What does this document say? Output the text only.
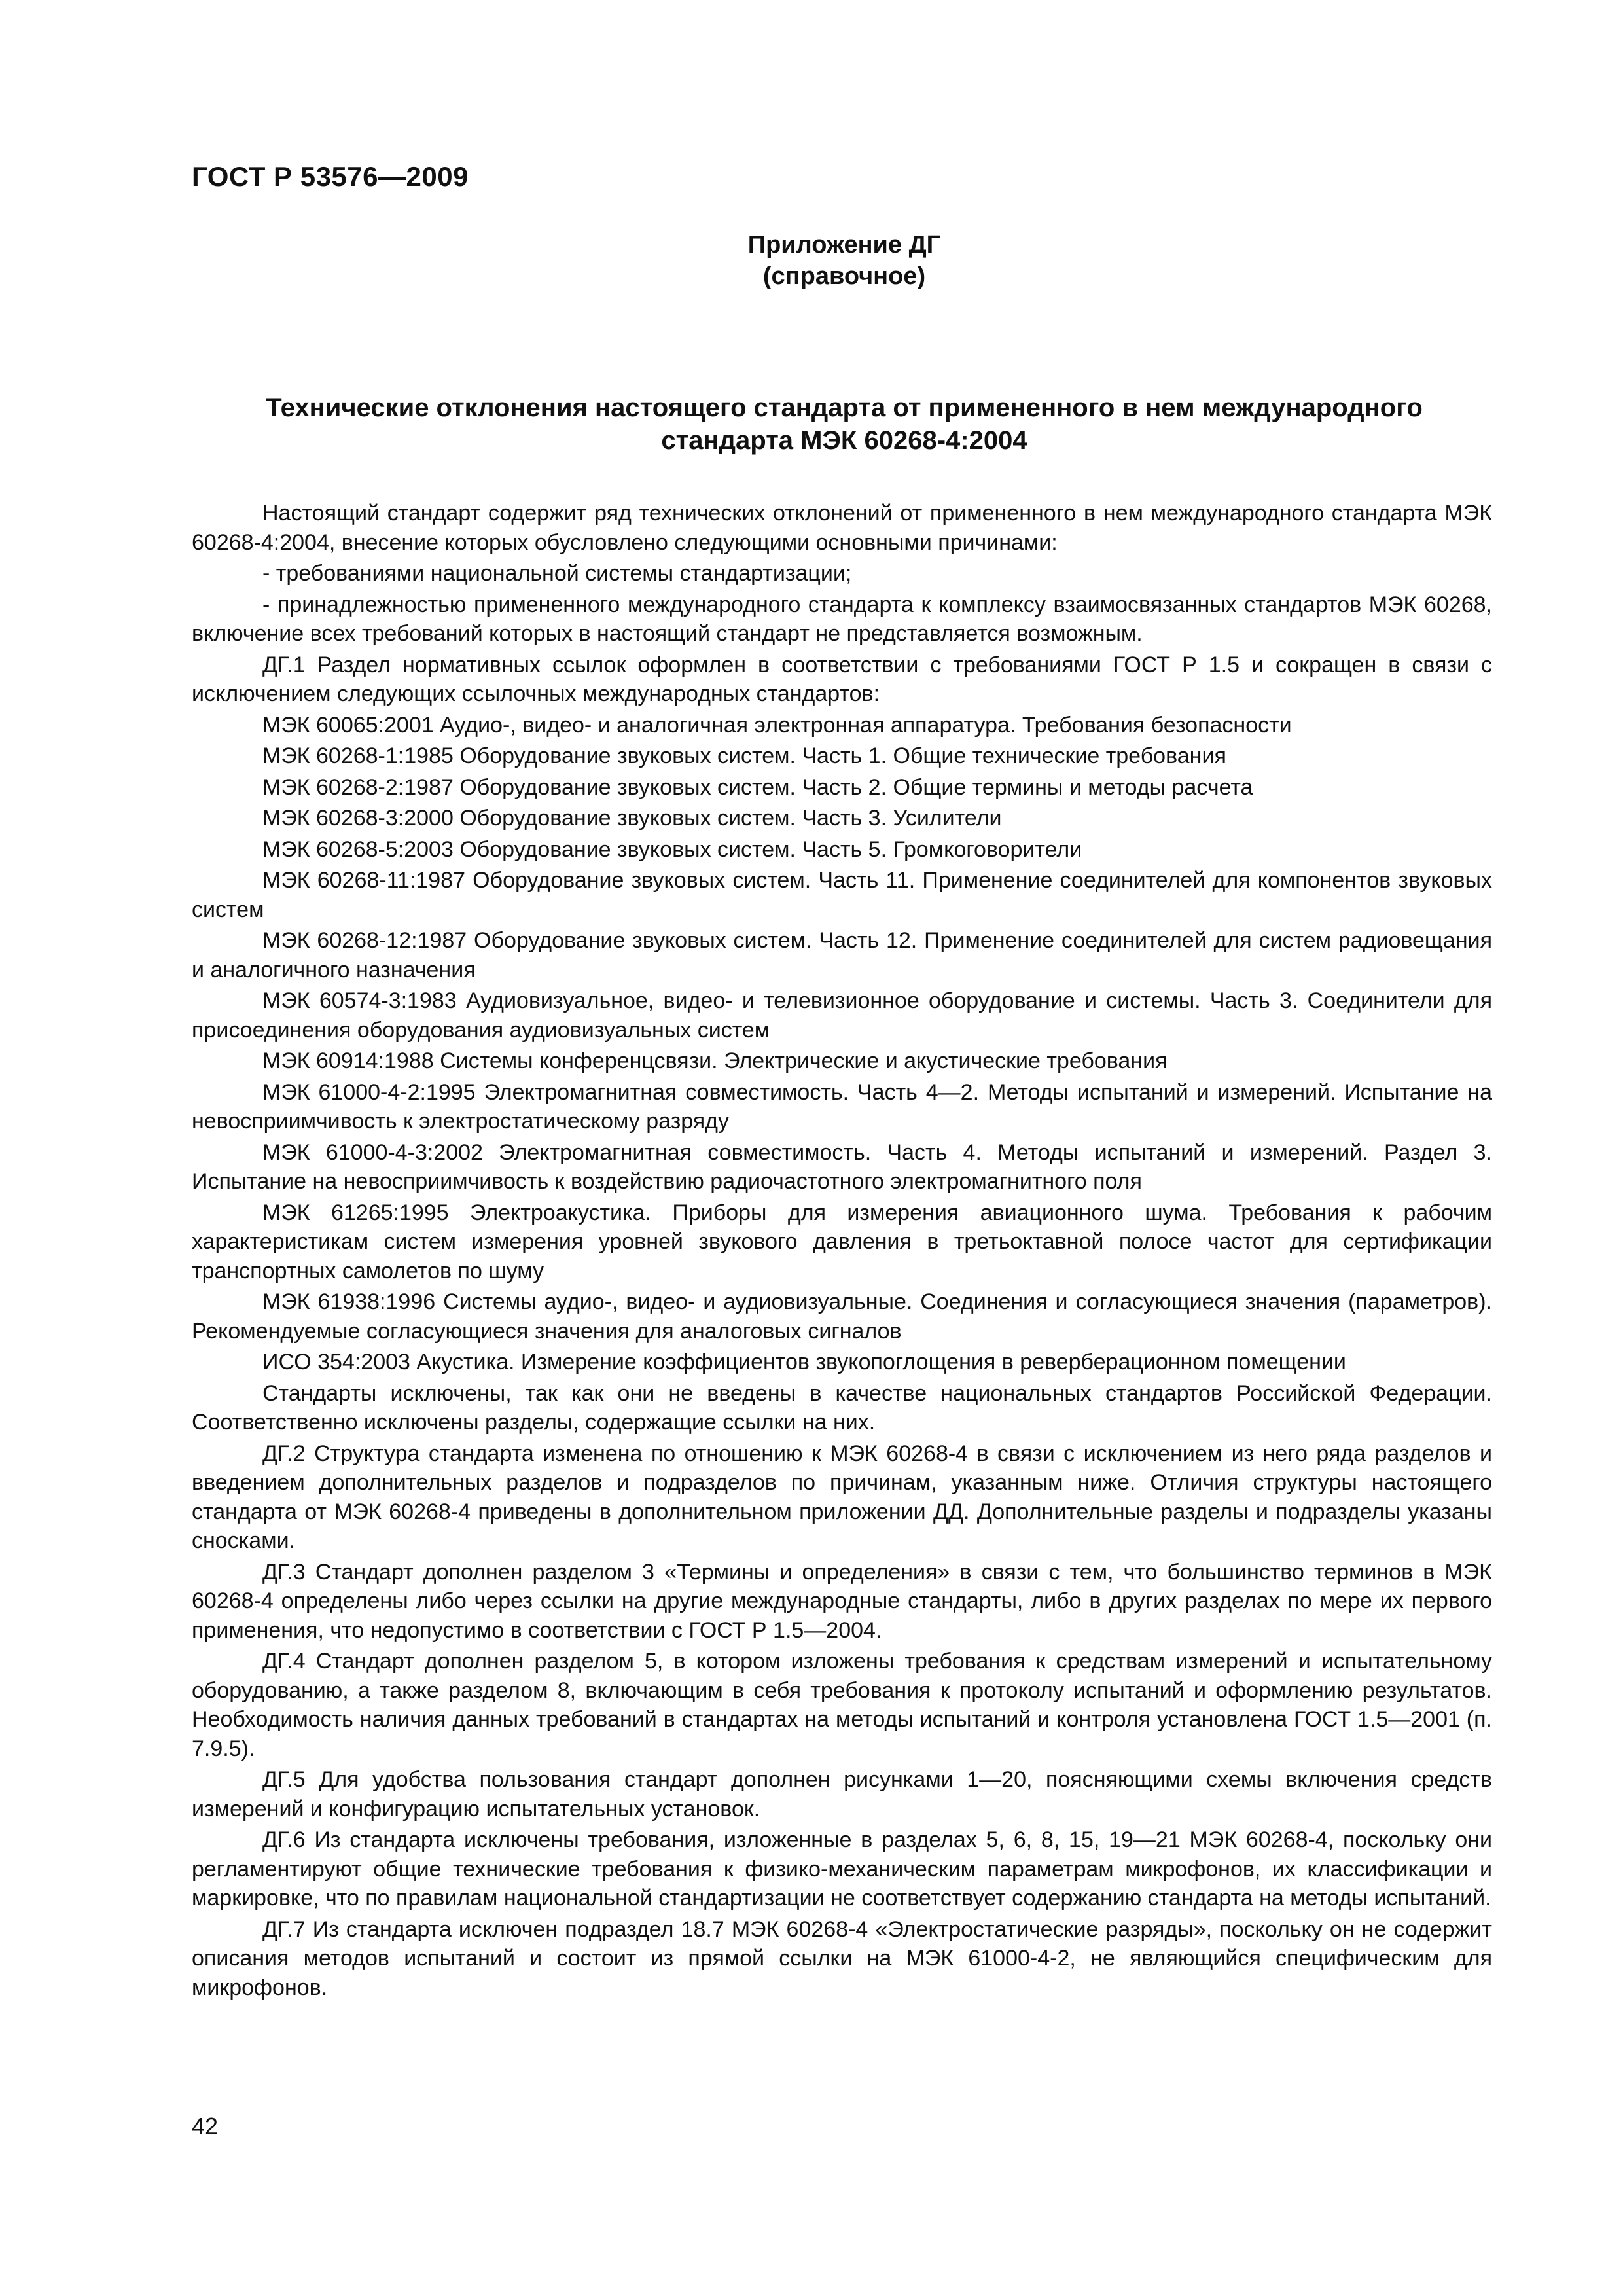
ГОСТ Р 53576—2009
Приложение ДГ
(справочное)
Технические отклонения настоящего стандарта от примененного в нем международного стандарта МЭК 60268-4:2004

Настоящий стандарт содержит ряд технических отклонений от примененного в нем международного стандарта МЭК 60268-4:2004, внесение которых обусловлено следующими основными причинами:

- требованиями национальной системы стандартизации;

- принадлежностью примененного международного стандарта к комплексу взаимосвязанных стандартов МЭК 60268, включение всех требований которых в настоящий стандарт не представляется возможным.

ДГ.1 Раздел нормативных ссылок оформлен в соответствии с требованиями ГОСТ Р 1.5 и сокращен в связи с исключением следующих ссылочных международных стандартов:

МЭК 60065:2001 Аудио-, видео- и аналогичная электронная аппаратура. Требования безопасности

МЭК 60268-1:1985 Оборудование звуковых систем. Часть 1. Общие технические требования

МЭК 60268-2:1987 Оборудование звуковых систем. Часть 2. Общие термины и методы расчета

МЭК 60268-3:2000 Оборудование звуковых систем. Часть 3. Усилители

МЭК 60268-5:2003 Оборудование звуковых систем. Часть 5. Громкоговорители

МЭК 60268-11:1987 Оборудование звуковых систем. Часть 11. Применение соединителей для компонентов звуковых систем

МЭК 60268-12:1987 Оборудование звуковых систем. Часть 12. Применение соединителей для систем радиовещания и аналогичного назначения

МЭК 60574-3:1983 Аудиовизуальное, видео- и телевизионное оборудование и системы. Часть 3. Соединители для присоединения оборудования аудиовизуальных систем

МЭК 60914:1988 Системы конференцсвязи. Электрические и акустические требования

МЭК 61000-4-2:1995 Электромагнитная совместимость. Часть 4—2. Методы испытаний и измерений. Испытание на невосприимчивость к электростатическому разряду

МЭК 61000-4-3:2002 Электромагнитная совместимость. Часть 4. Методы испытаний и измерений. Раздел 3. Испытание на невосприимчивость к воздействию радиочастотного электромагнитного поля

МЭК 61265:1995 Электроакустика. Приборы для измерения авиационного шума. Требования к рабочим характеристикам систем измерения уровней звукового давления в третьоктавной полосе частот для сертификации транспортных самолетов по шуму

МЭК 61938:1996 Системы аудио-, видео- и аудиовизуальные. Соединения и согласующиеся значения (параметров). Рекомендуемые согласующиеся значения для аналоговых сигналов

ИСО 354:2003 Акустика. Измерение коэффициентов звукопоглощения в реверберационном помещении

Стандарты исключены, так как они не введены в качестве национальных стандартов Российской Федерации. Соответственно исключены разделы, содержащие ссылки на них.

ДГ.2 Структура стандарта изменена по отношению к МЭК 60268-4 в связи с исключением из него ряда разделов и введением дополнительных разделов и подразделов по причинам, указанным ниже. Отличия структуры настоящего стандарта от МЭК 60268-4 приведены в дополнительном приложении ДД. Дополнительные разделы и подразделы указаны сносками.

ДГ.3 Стандарт дополнен разделом 3 «Термины и определения» в связи с тем, что большинство терминов в МЭК 60268-4 определены либо через ссылки на другие международные стандарты, либо в других разделах по мере их первого применения, что недопустимо в соответствии с ГОСТ Р 1.5—2004.

ДГ.4 Стандарт дополнен разделом 5, в котором изложены требования к средствам измерений и испытательному оборудованию, а также разделом 8, включающим в себя требования к протоколу испытаний и оформлению результатов. Необходимость наличия данных требований в стандартах на методы испытаний и контроля установлена ГОСТ 1.5—2001 (п. 7.9.5).

ДГ.5 Для удобства пользования стандарт дополнен рисунками 1—20, поясняющими схемы включения средств измерений и конфигурацию испытательных установок.

ДГ.6 Из стандарта исключены требования, изложенные в разделах 5, 6, 8, 15, 19—21 МЭК 60268-4, поскольку они регламентируют общие технические требования к физико-механическим параметрам микрофонов, их классификации и маркировке, что по правилам национальной стандартизации не соответствует содержанию стандарта на методы испытаний.

ДГ.7 Из стандарта исключен подраздел 18.7 МЭК 60268-4 «Электростатические разряды», поскольку он не содержит описания методов испытаний и состоит из прямой ссылки на МЭК 61000-4-2, не являющийся специфическим для микрофонов.

42
